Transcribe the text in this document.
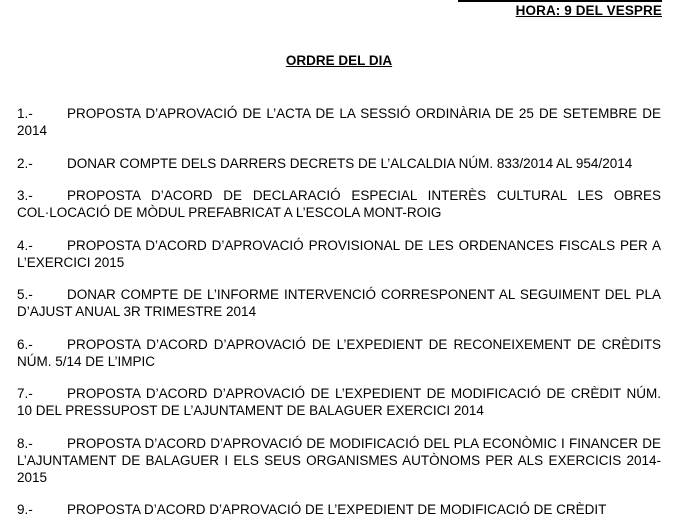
HORA: 9 DEL VESPRE
ORDRE DEL DIA
1.-	PROPOSTA D’APROVACIÓ DE L’ACTA DE LA SESSIÓ ORDINÀRIA DE 25 DE SETEMBRE DE 2014
2.-	DONAR COMPTE DELS DARRERS DECRETS DE L’ALCALDIA NÚM. 833/2014 AL 954/2014
3.-	PROPOSTA D’ACORD DE DECLARACIÓ ESPECIAL INTERÈS CULTURAL LES OBRES COL·LOCACIÓ DE MÒDUL PREFABRICAT A L’ESCOLA MONT-ROIG
4.-	PROPOSTA D’ACORD D’APROVACIÓ PROVISIONAL DE LES ORDENANCES FISCALS PER A L’EXERCICI 2015
5.-	DONAR COMPTE DE L’INFORME INTERVENCIÓ CORRESPONENT AL SEGUIMENT DEL PLA D’AJUST ANUAL 3R TRIMESTRE 2014
6.-	PROPOSTA D’ACORD D’APROVACIÓ DE L’EXPEDIENT DE RECONEIXEMENT DE CRÈDITS NÚM. 5/14 DE L’IMPIC
7.-	PROPOSTA D’ACORD D’APROVACIÓ DE L’EXPEDIENT DE MODIFICACIÓ DE CRÈDIT NÚM. 10 DEL PRESSUPOST DE L’AJUNTAMENT DE BALAGUER EXERCICI 2014
8.-	PROPOSTA D’ACORD D’APROVACIÓ DE MODIFICACIÓ DEL PLA ECONÒMIC I FINANCER DE L’AJUNTAMENT DE BALAGUER I ELS SEUS ORGANISMES AUTÒNOMS PER ALS EXERCICIS 2014-2015
9.-	PROPOSTA D’ACORD D’APROVACIÓ DE L’EXPEDIENT DE MODIFICACIÓ DE CRÈDIT
